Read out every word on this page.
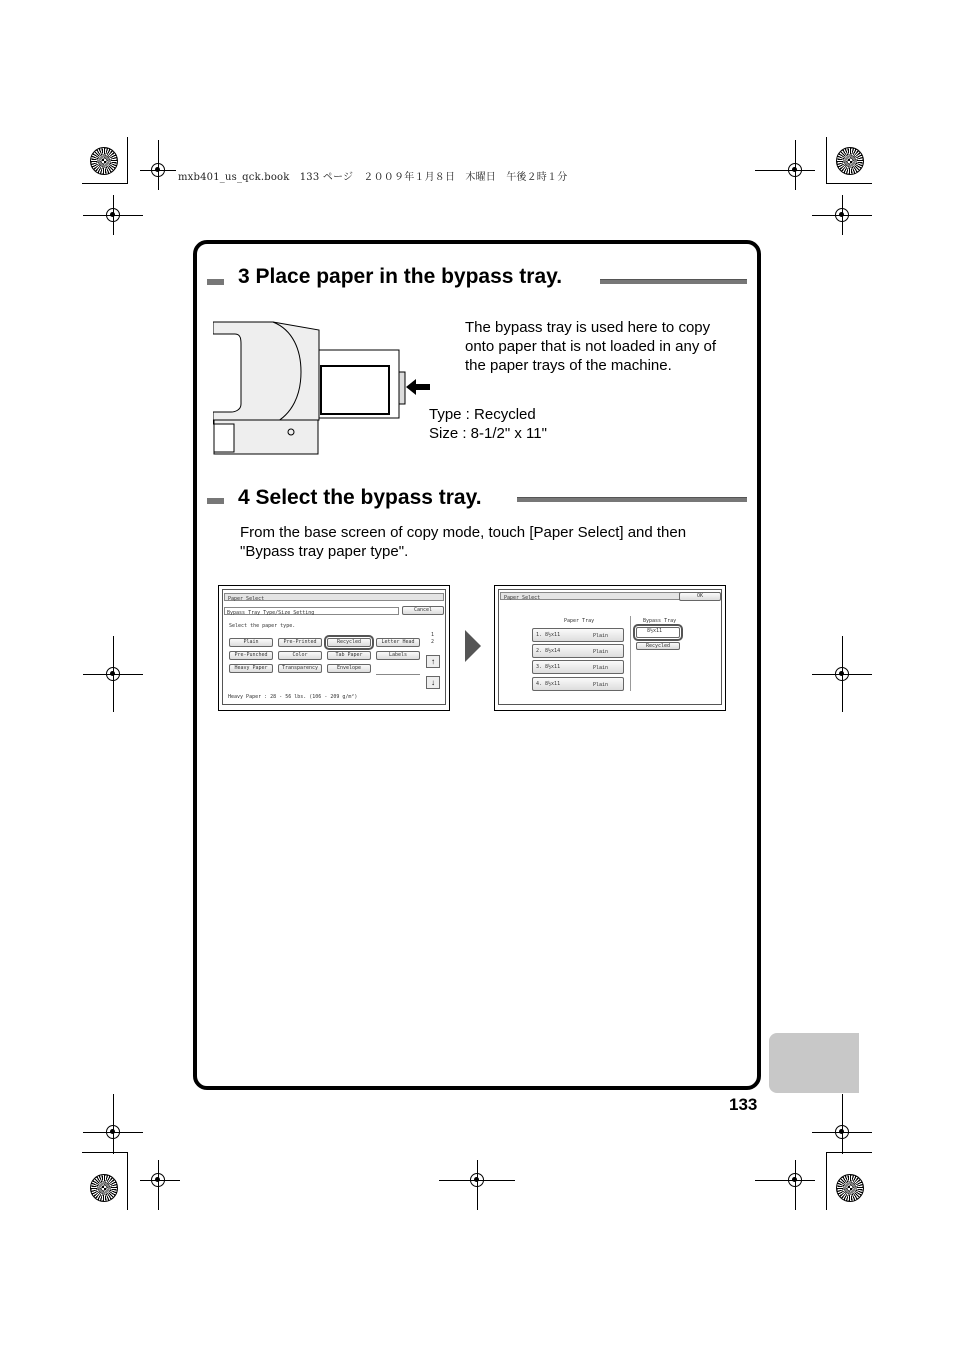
mxb401_us_qck.book　133 ページ　２００９年１月８日　木曜日　午後２時１分
3 Place paper in the bypass tray.
The bypass tray is used here to copy onto paper that is not loaded in any of the paper trays of the machine.
Type : Recycled
Size : 8-1/2" x 11"
4 Select the bypass tray.
From the base screen of copy mode, touch [Paper Select] and then "Bypass tray paper type".
Paper Select
Bypass Tray Type/Size Setting	Cancel
Select the paper type.
Plain	Pre-Printed	Recycled	Letter Head
Pre-Punched	Color	Tab Paper	Labels
Heavy Paper	Transparency	Envelope
1
2
↑
↓
Heavy Paper : 28 - 56 lbs. (106 - 209 g/m²)
Paper Select	OK
Paper Tray	Bypass Tray
1. 8½x11	Plain
2. 8½x14	Plain
3. 8½x11	Plain
4. 8½x11	Plain
8½x11
Recycled
133
